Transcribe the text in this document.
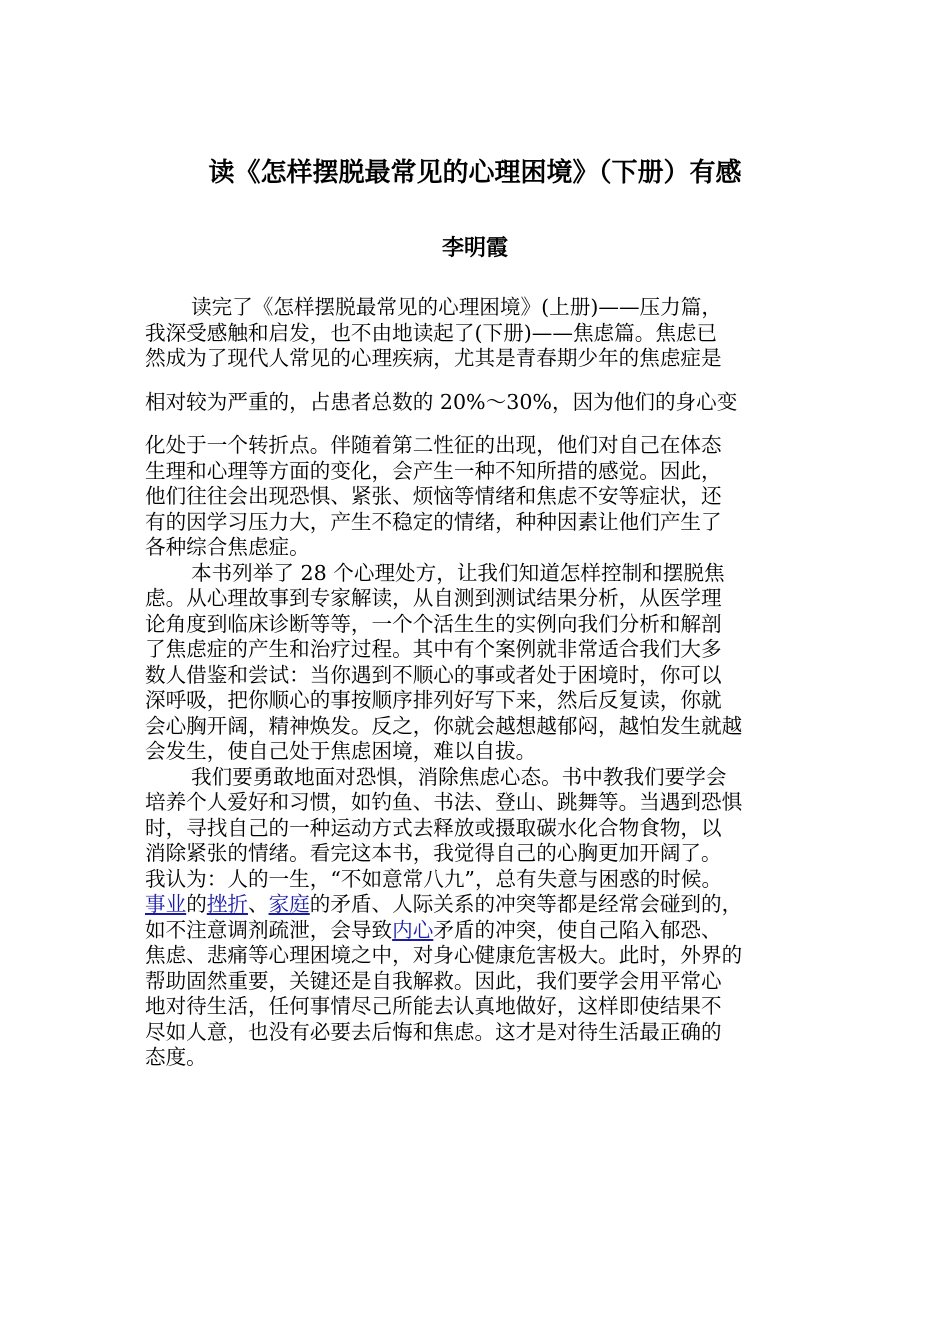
读《怎样摆脱最常见的心理困境》（下册）有感
李明霞
读完了《怎样摆脱最常见的心理困境》(上册)——压力篇，
我深受感触和启发，也不由地读起了(下册)——焦虑篇。焦虑已
然成为了现代人常见的心理疾病，尤其是青春期少年的焦虑症是
相对较为严重的，占患者总数的 20%～30%，因为他们的身心变
化处于一个转折点。伴随着第二性征的出现，他们对自己在体态
生理和心理等方面的变化，会产生一种不知所措的感觉。因此，
他们往往会出现恐惧、紧张、烦恼等情绪和焦虑不安等症状，还
有的因学习压力大，产生不稳定的情绪，种种因素让他们产生了
各种综合焦虑症。
本书列举了 28 个心理处方，让我们知道怎样控制和摆脱焦
虑。从心理故事到专家解读，从自测到测试结果分析，从医学理
论角度到临床诊断等等，一个个活生生的实例向我们分析和解剖
了焦虑症的产生和治疗过程。其中有个案例就非常适合我们大多
数人借鉴和尝试：当你遇到不顺心的事或者处于困境时，你可以
深呼吸，把你顺心的事按顺序排列好写下来，然后反复读，你就
会心胸开阔，精神焕发。反之，你就会越想越郁闷，越怕发生就越
会发生，使自己处于焦虑困境，难以自拔。
我们要勇敢地面对恐惧，消除焦虑心态。书中教我们要学会
培养个人爱好和习惯，如钓鱼、书法、登山、跳舞等。当遇到恐惧
时，寻找自己的一种运动方式去释放或摄取碳水化合物食物，以
消除紧张的情绪。看完这本书，我觉得自己的心胸更加开阔了。
我认为：人的一生，“不如意常八九”，总有失意与困惑的时候。
事业的挫折、家庭的矛盾、人际关系的冲突等都是经常会碰到的，
如不注意调剂疏泄，会导致内心矛盾的冲突，使自己陷入郁恐、
焦虑、悲痛等心理困境之中，对身心健康危害极大。此时，外界的
帮助固然重要，关键还是自我解救。因此，我们要学会用平常心
地对待生活，任何事情尽己所能去认真地做好，这样即使结果不
尽如人意，也没有必要去后悔和焦虑。这才是对待生活最正确的
态度。
